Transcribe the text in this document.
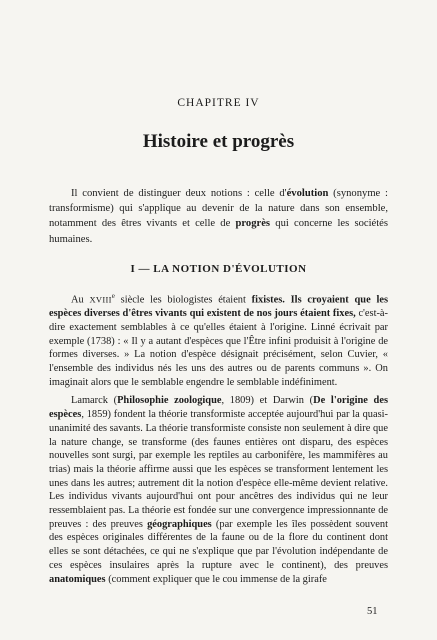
CHAPITRE IV
Histoire et progrès

Il convient de distinguer deux notions : celle d'évolution (synonyme : transformisme) qui s'applique au devenir de la nature dans son ensemble, notamment des êtres vivants et celle de progrès qui concerne les sociétés humaines.

I — LA NOTION D'ÉVOLUTION

Au XVIIIe siècle les biologistes étaient fixistes. Ils croyaient que les espèces diverses d'êtres vivants qui existent de nos jours étaient fixes, c'est-à-dire exactement semblables à ce qu'elles étaient à l'origine. Linné écrivait par exemple (1738) : « Il y a autant d'espèces que l'Être infini produisit à l'origine de formes diverses. » La notion d'espèce désignait précisément, selon Cuvier, « l'ensemble des individus nés les uns des autres ou de parents communs ». On imaginait alors que le semblable engendre le semblable indéfiniment.

Lamarck (Philosophie zoologique, 1809) et Darwin (De l'origine des espèces, 1859) fondent la théorie transformiste acceptée aujourd'hui par la quasi-unanimité des savants. La théorie transformiste consiste non seulement à dire que la nature change, se transforme (des faunes entières ont disparu, des espèces nouvelles sont surgi, par exemple les reptiles au carbonifère, les mammifères au trias) mais la théorie affirme aussi que les espèces se transforment lentement les unes dans les autres; autrement dit la notion d'espèce elle-même devient relative. Les individus vivants aujourd'hui ont pour ancêtres des individus qui ne leur ressemblaient pas. La théorie est fondée sur une convergence impressionnante de preuves : des preuves géographiques (par exemple les îles possèdent souvent des espèces originales différentes de la faune ou de la flore du continent dont elles se sont détachées, ce qui ne s'explique que par l'évolution indépendante de ces espèces insulaires après la rupture avec le continent), des preuves anatomiques (comment expliquer que le cou immense de la girafe

51
